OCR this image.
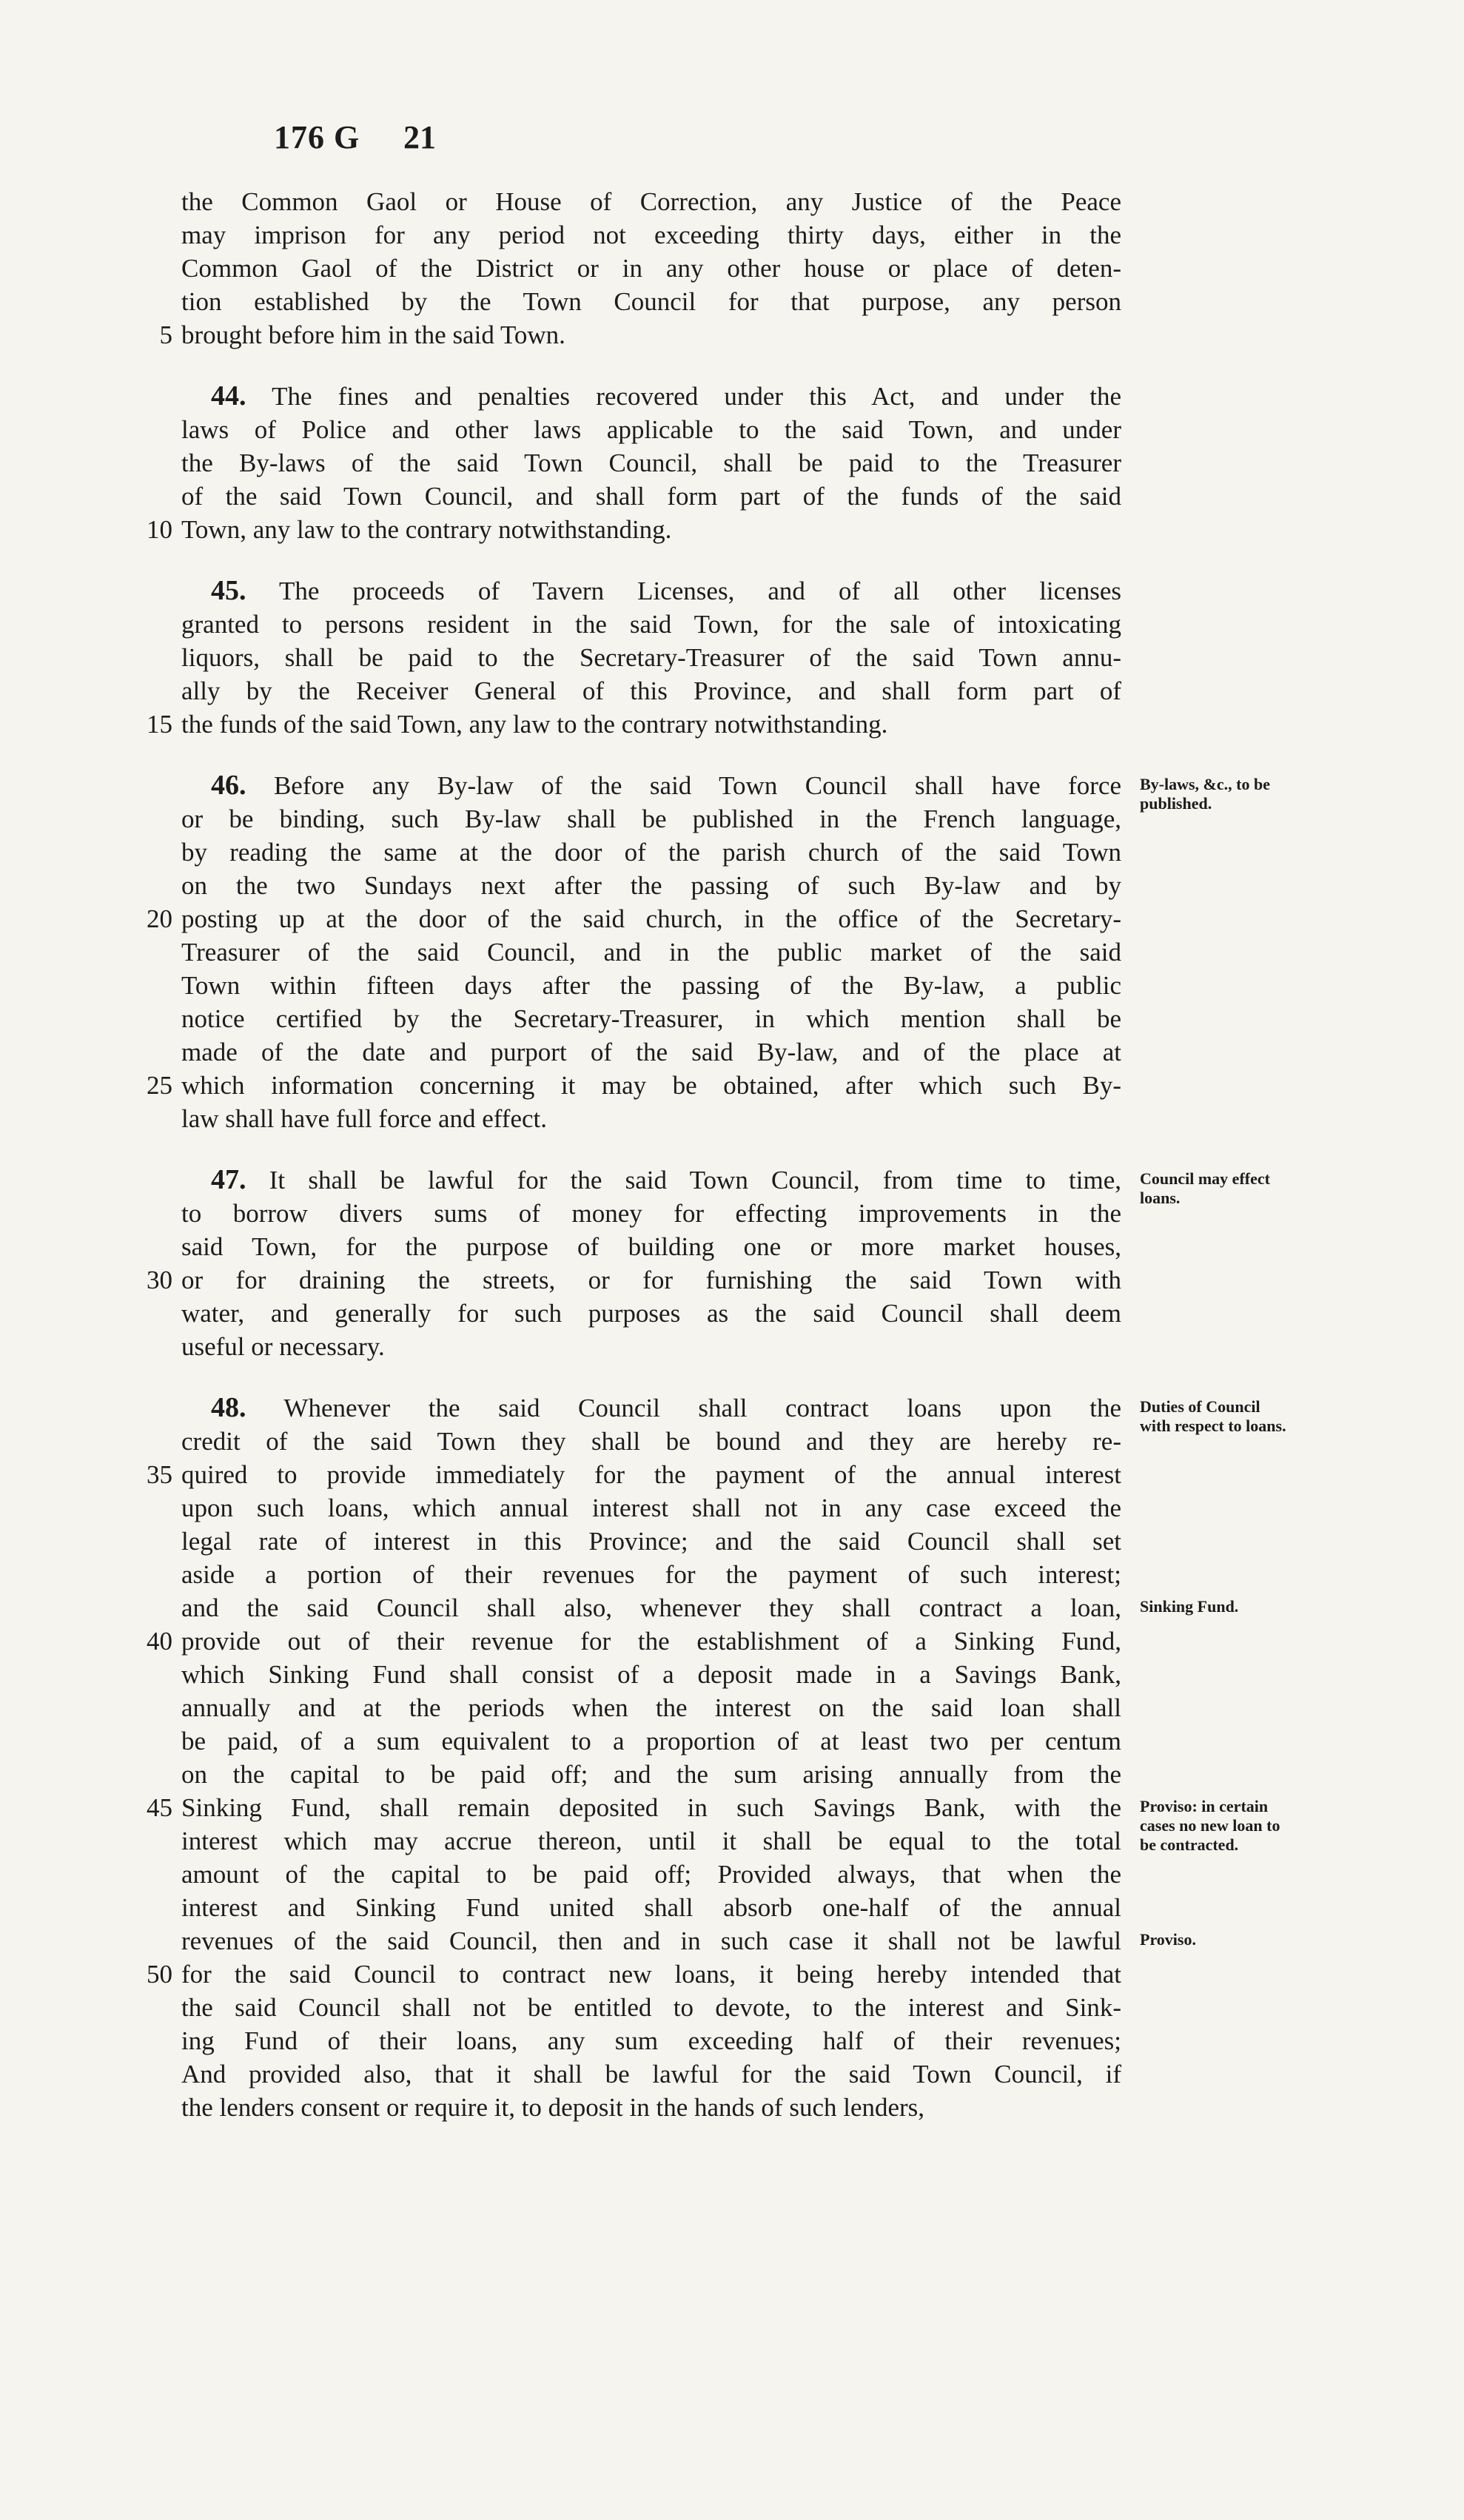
176 G 21
the Common Gaol or House of Correction, any Justice of the Peace
may imprison for any period not exceeding thirty days, either in the
Common Gaol of the District or in any other house or place of deten-
tion established by the Town Council for that purpose, any person
5 brought before him in the said Town.
44. The fines and penalties recovered under this Act, and under the
laws of Police and other laws applicable to the said Town, and under
the By-laws of the said Town Council, shall be paid to the Treasurer
of the said Town Council, and shall form part of the funds of the said
10 Town, any law to the contrary notwithstanding.
45. The proceeds of Tavern Licenses, and of all other licenses
granted to persons resident in the said Town, for the sale of intoxicating
liquors, shall be paid to the Secretary-Treasurer of the said Town annu-
ally by the Receiver General of this Province, and shall form part of
15 the funds of the said Town, any law to the contrary notwithstanding.
46. Before any By-law of the said Town Council shall have force
or be binding, such By-law shall be published in the French language,
by reading the same at the door of the parish church of the said Town
on the two Sundays next after the passing of such By-law and by
20 posting up at the door of the said church, in the office of the Secretary-
Treasurer of the said Council, and in the public market of the said
Town within fifteen days after the passing of the By-law, a public
notice certified by the Secretary-Treasurer, in which mention shall be
made of the date and purport of the said By-law, and of the place at
25 which information concerning it may be obtained, after which such By-
law shall have full force and effect.
47. It shall be lawful for the said Town Council, from time to time,
to borrow divers sums of money for effecting improvements in the
said Town, for the purpose of building one or more market houses,
30 or for draining the streets, or for furnishing the said Town with
water, and generally for such purposes as the said Council shall deem
useful or necessary.
48. Whenever the said Council shall contract loans upon the
credit of the said Town they shall be bound and they are hereby re-
35 quired to provide immediately for the payment of the annual interest
upon such loans, which annual interest shall not in any case exceed the
legal rate of interest in this Province; and the said Council shall set
aside a portion of their revenues for the payment of such interest;
and the said Council shall also, whenever they shall contract a loan,
40 provide out of their revenue for the establishment of a Sinking Fund,
which Sinking Fund shall consist of a deposit made in a Savings Bank,
annually and at the periods when the interest on the said loan shall
be paid, of a sum equivalent to a proportion of at least two per centum
on the capital to be paid off; and the sum arising annually from the
45 Sinking Fund, shall remain deposited in such Savings Bank, with the
interest which may accrue thereon, until it shall be equal to the total
amount of the capital to be paid off; Provided always, that when the
interest and Sinking Fund united shall absorb one-half of the annual
revenues of the said Council, then and in such case it shall not be lawful
50 for the said Council to contract new loans, it being hereby intended that
the said Council shall not be entitled to devote, to the interest and Sink-
ing Fund of their loans, any sum exceeding half of their revenues;
And provided also, that it shall be lawful for the said Town Council, if
the lenders consent or require it, to deposit in the hands of such lenders,
By-laws, &c., to be published.
Council may effect loans.
Duties of Council with respect to loans.
Sinking Fund.
Proviso: in certain cases no new loan to be contracted.
Proviso.
